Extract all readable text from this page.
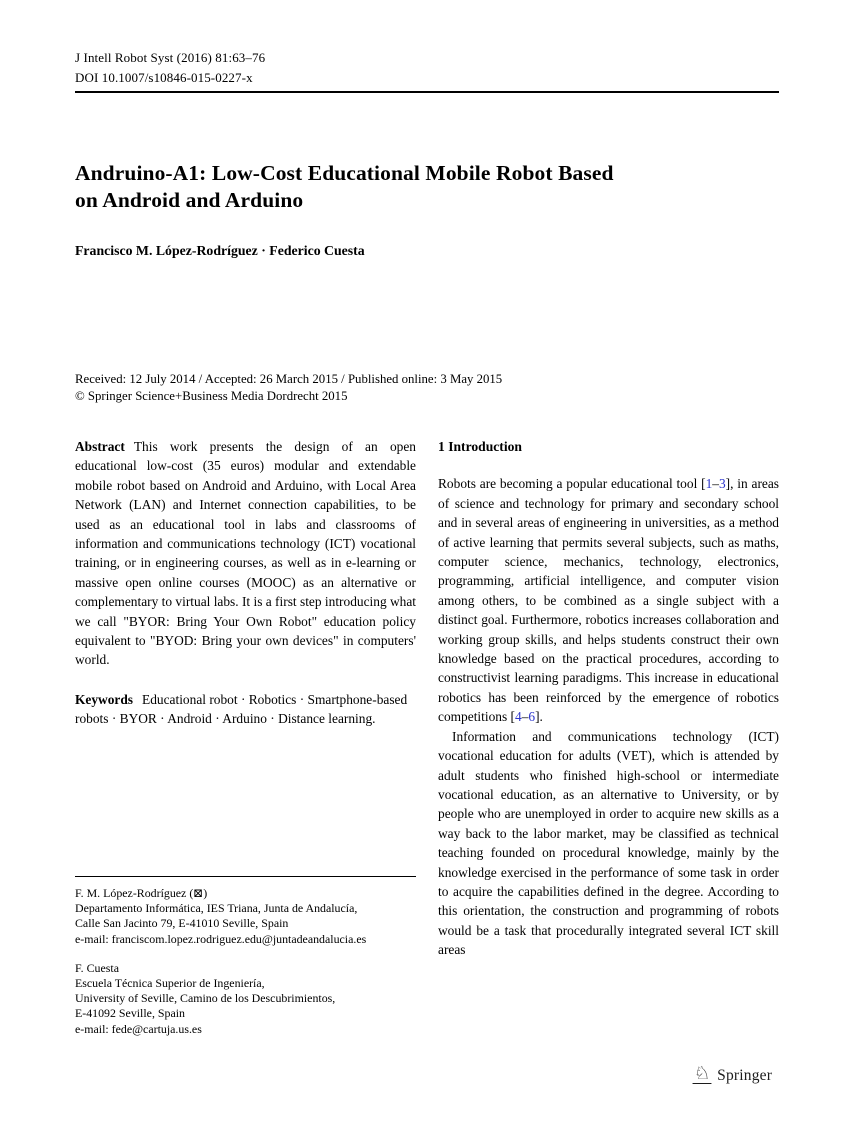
J Intell Robot Syst (2016) 81:63–76
DOI 10.1007/s10846-015-0227-x
Andruino-A1: Low-Cost Educational Mobile Robot Based
on Android and Arduino
Francisco M. López-Rodríguez · Federico Cuesta
Received: 12 July 2014 / Accepted: 26 March 2015 / Published online: 3 May 2015
© Springer Science+Business Media Dordrecht 2015

Abstract This work presents the design of an open educational low-cost (35 euros) modular and extendable mobile robot based on Android and Arduino, with Local Area Network (LAN) and Internet connection capabilities, to be used as an educational tool in labs and classrooms of information and communications technology (ICT) vocational training, or in engineering courses, as well as in e-learning or massive open online courses (MOOC) as an alternative or complementary to virtual labs. It is a first step introducing what we call "BYOR: Bring Your Own Robot" education policy equivalent to "BYOD: Bring your own devices" in computers' world.

Keywords Educational robot · Robotics · Smartphone-based robots · BYOR · Android · Arduino · Distance learning.

1 Introduction

Robots are becoming a popular educational tool [1–3], in areas of science and technology for primary and secondary school and in several areas of engineering in universities, as a method of active learning that permits several subjects, such as maths, computer science, mechanics, technology, electronics, programming, artificial intelligence, and computer vision among others, to be combined as a single subject with a distinct goal. Furthermore, robotics increases collaboration and working group skills, and helps students construct their own knowledge based on the practical procedures, according to constructivist learning paradigms. This increase in educational robotics has been reinforced by the emergence of robotics competitions [4–6].

Information and communications technology (ICT) vocational education for adults (VET), which is attended by adult students who finished high-school or intermediate vocational education, as an alternative to University, or by people who are unemployed in order to acquire new skills as a way back to the labor market, may be classified as technical teaching founded on procedural knowledge, mainly by the knowledge exercised in the performance of some task in order to acquire the capabilities defined in the degree. According to this orientation, the construction and programming of robots would be a task that procedurally integrated several ICT skill areas

F. M. López-Rodríguez (⊠)
Departamento Informática, IES Triana, Junta de Andalucía,
Calle San Jacinto 79, E-41010 Seville, Spain
e-mail: franciscom.lopez.rodriguez.edu@juntadeandalucia.es
F. Cuesta
Escuela Técnica Superior de Ingeniería,
University of Seville, Camino de los Descubrimientos,
E-41092 Seville, Spain
e-mail: fede@cartuja.us.es
♘ Springer
